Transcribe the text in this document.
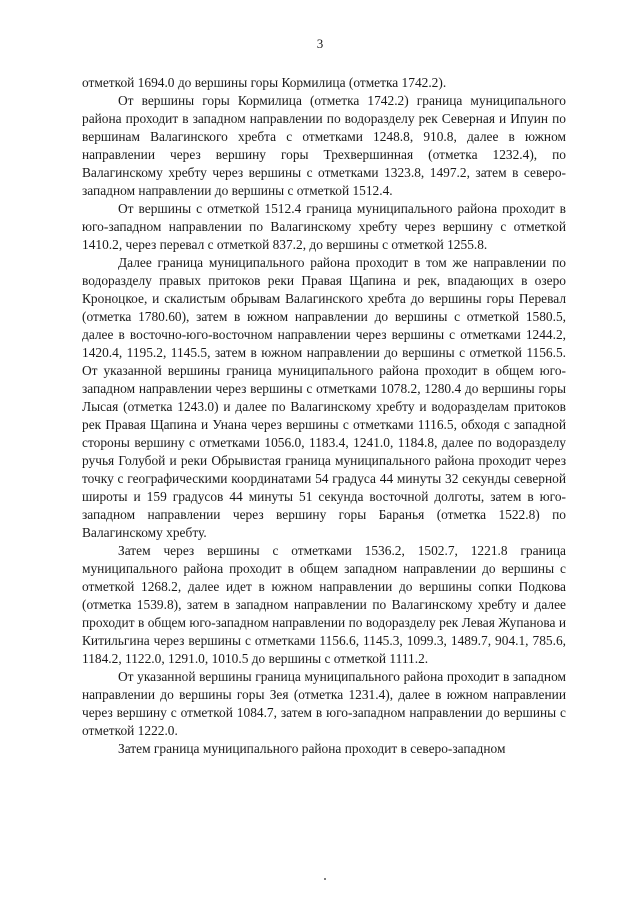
3

отметкой 1694.0 до вершины горы Кормилица (отметка 1742.2).

От вершины горы Кормилица (отметка 1742.2) граница муниципального района проходит в западном направлении по водоразделу рек Северная и Ипуин по вершинам Валагинского хребта с отметками 1248.8, 910.8, далее в южном направлении через вершину горы Трехвершинная (отметка 1232.4), по Валагинскому хребту через вершины с отметками 1323.8, 1497.2, затем в северо-западном направлении до вершины с отметкой 1512.4.

От вершины с отметкой 1512.4 граница муниципального района проходит в юго-западном направлении по Валагинскому хребту через вершину с отметкой 1410.2, через перевал с отметкой 837.2, до вершины с отметкой 1255.8.

Далее граница муниципального района проходит в том же направлении по водоразделу правых притоков реки Правая Щапина и рек, впадающих в озеро Кроноцкое, и скалистым обрывам Валагинского хребта до вершины горы Перевал (отметка 1780.60), затем в южном направлении до вершины с отметкой 1580.5, далее в восточно-юго-восточном направлении через вершины с отметками 1244.2, 1420.4, 1195.2, 1145.5, затем в южном направлении до вершины с отметкой 1156.5. От указанной вершины граница муниципального района проходит в общем юго-западном направлении через вершины с отметками 1078.2, 1280.4 до вершины горы Лысая (отметка 1243.0) и далее по Валагинскому хребту и водоразделам притоков рек Правая Щапина и Унана через вершины с отметками 1116.5, обходя с западной стороны вершину с отметками 1056.0, 1183.4, 1241.0, 1184.8, далее по водоразделу ручья Голубой и реки Обрывистая граница муниципального района проходит через точку с географическими координатами 54 градуса 44 минуты 32 секунды северной широты и 159 градусов 44 минуты 51 секунда восточной долготы, затем в юго-западном направлении через вершину горы Баранья (отметка 1522.8) по Валагинскому хребту.

Затем через вершины с отметками 1536.2, 1502.7, 1221.8 граница муниципального района проходит в общем западном направлении до вершины с отметкой 1268.2, далее идет в южном направлении до вершины сопки Подкова (отметка 1539.8), затем в западном направлении по Валагинскому хребту и далее проходит в общем юго-западном направлении по водоразделу рек Левая Жупанова и Китильгина через вершины с отметками 1156.6, 1145.3, 1099.3, 1489.7, 904.1, 785.6, 1184.2, 1122.0, 1291.0, 1010.5 до вершины с отметкой 1111.2.

От указанной вершины граница муниципального района проходит в западном направлении до вершины горы Зея (отметка 1231.4), далее в южном направлении через вершину с отметкой 1084.7, затем в юго-западном направлении до вершины с отметкой 1222.0.

Затем граница муниципального района проходит в северо-западном
